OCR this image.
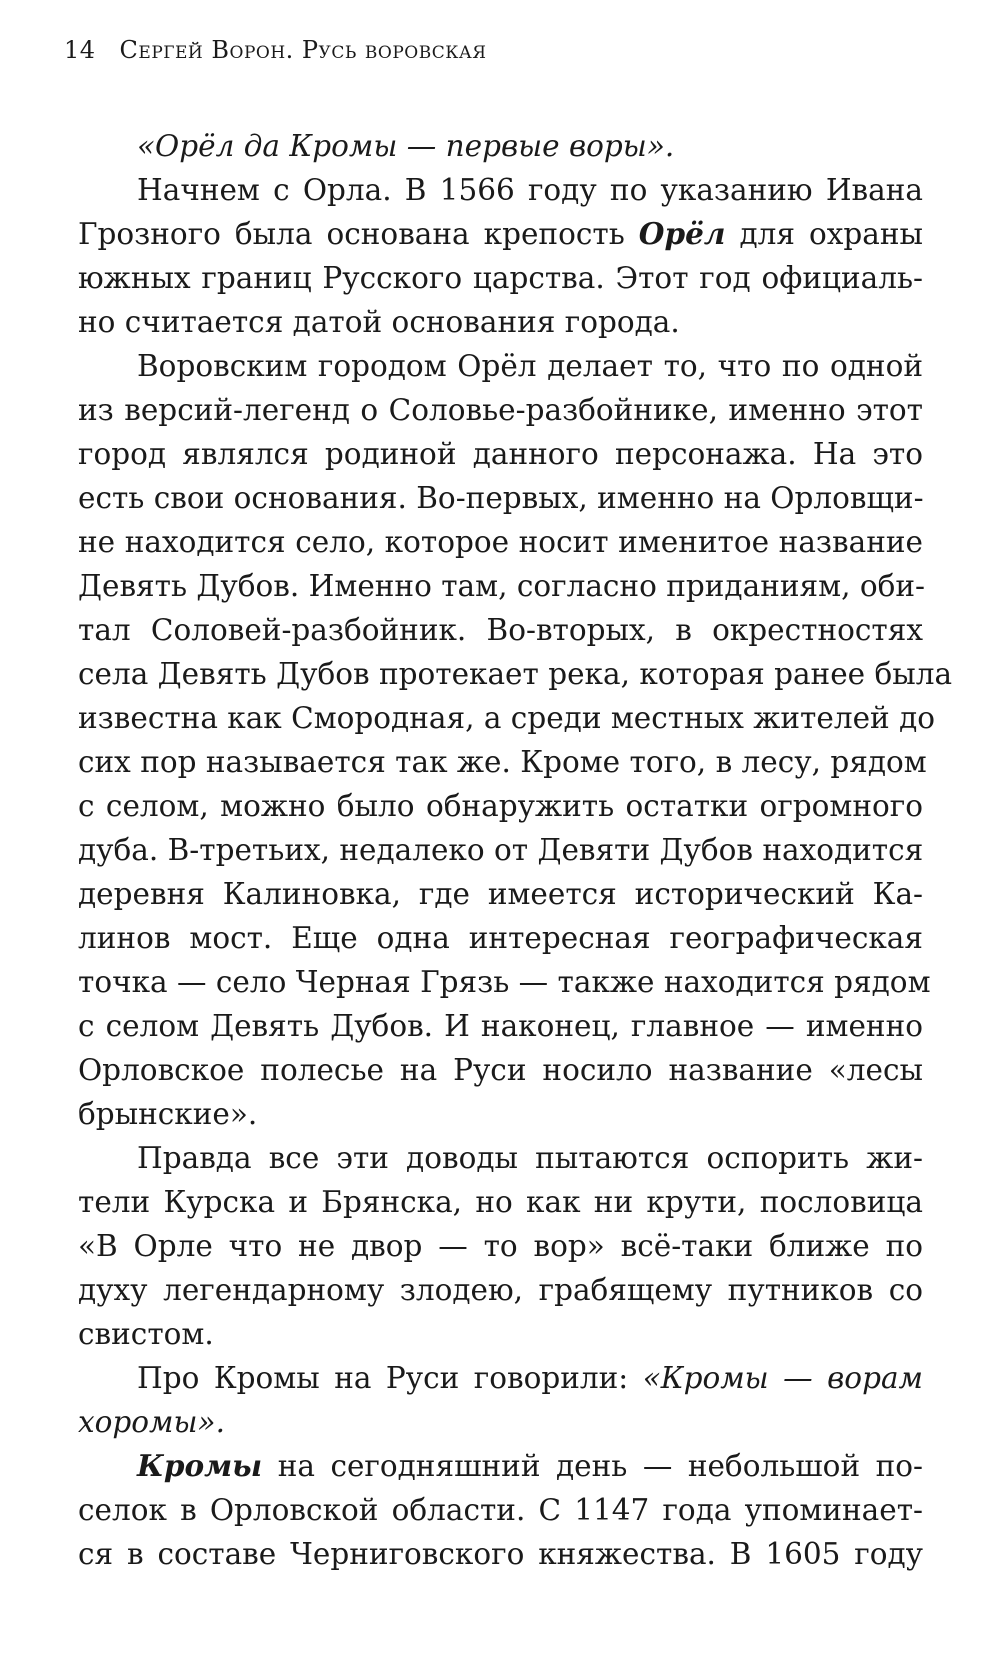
14 Сергей Ворон. Русь воровская
«Орёл да Кромы — первые воры».
Начнем с Орла. В 1566 году по указанию Ивана
Грозного была основана крепость Орёл для охраны
южных границ Русского царства. Этот год официаль-
но считается датой основания города.
Воровским городом Орёл делает то, что по одной
из версий-легенд о Соловье-разбойнике, именно этот
город являлся родиной данного персонажа. На это
есть свои основания. Во-первых, именно на Орловщи-
не находится село, которое носит именитое название
Девять Дубов. Именно там, согласно приданиям, оби-
тал Соловей-разбойник. Во-вторых, в окрестностях
села Девять Дубов протекает река, которая ранее была
известна как Смородная, а среди местных жителей до
сих пор называется так же. Кроме того, в лесу, рядом
с селом, можно было обнаружить остатки огромного
дуба. В-третьих, недалеко от Девяти Дубов находится
деревня Калиновка, где имеется исторический Ка-
линов мост. Еще одна интересная географическая
точка — село Черная Грязь — также находится рядом
с селом Девять Дубов. И наконец, главное — именно
Орловское полесье на Руси носило название «лесы
брынские».
Правда все эти доводы пытаются оспорить жи-
тели Курска и Брянска, но как ни крути, пословица
«В Орле что не двор — то вор» всё-таки ближе по
духу легендарному злодею, грабящему путников со
свистом.
Про Кромы на Руси говорили: «Кромы — ворам
хоромы».
Кромы на сегодняшний день — небольшой по-
селок в Орловской области. С 1147 года упоминает-
ся в составе Черниговского княжества. В 1605 году
